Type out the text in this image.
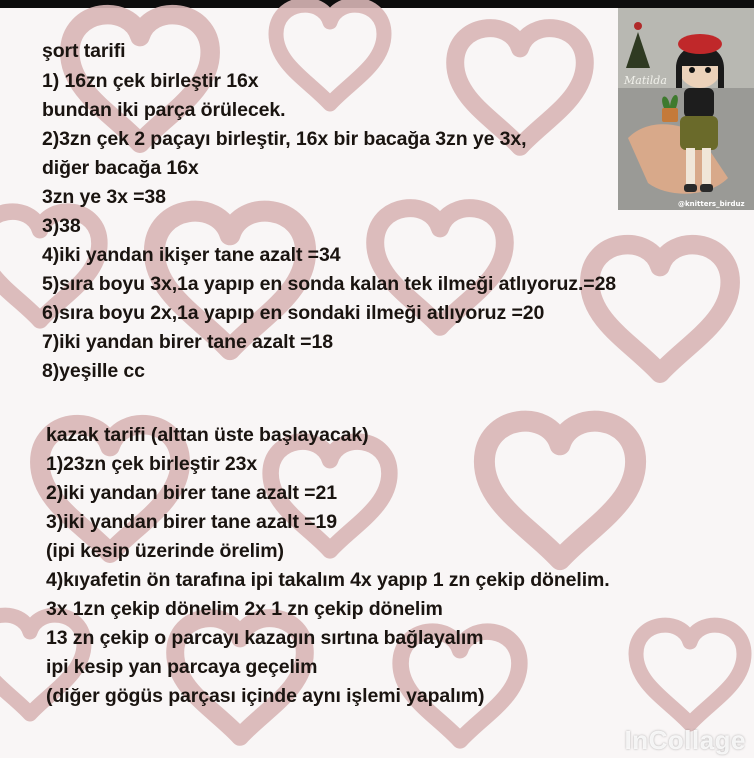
Matilda
@knitters_birduz

şort tarifi

1) 16zn çek birleştir 16x

bundan iki parça örülecek.

2)3zn çek 2 paçayı birleştir, 16x bir bacağa 3zn ye 3x,

diğer bacağa 16x

3zn ye 3x =38

3)38

4)iki yandan ikişer tane azalt =34

5)sıra boyu 3x,1a yapıp en sonda kalan tek ilmeği atlıyoruz.=28

6)sıra boyu 2x,1a yapıp en sondaki ilmeği atlıyoruz =20

7)iki yandan birer tane azalt =18

8)yeşille cc

kazak tarifi (alttan üste başlayacak)

1)23zn çek birleştir 23x

2)iki yandan birer tane azalt =21

3)iki yandan birer tane azalt =19

(ipi kesip üzerinde örelim)

4)kıyafetin ön tarafına ipi takalım 4x yapıp 1 zn çekip dönelim.

3x 1zn çekip dönelim 2x 1 zn çekip dönelim

13 zn çekip o parcayı kazagın sırtına bağlayalım

ipi kesip yan parcaya geçelim

(diğer gögüs parçası içinde aynı işlemi yapalım)

InCollage
